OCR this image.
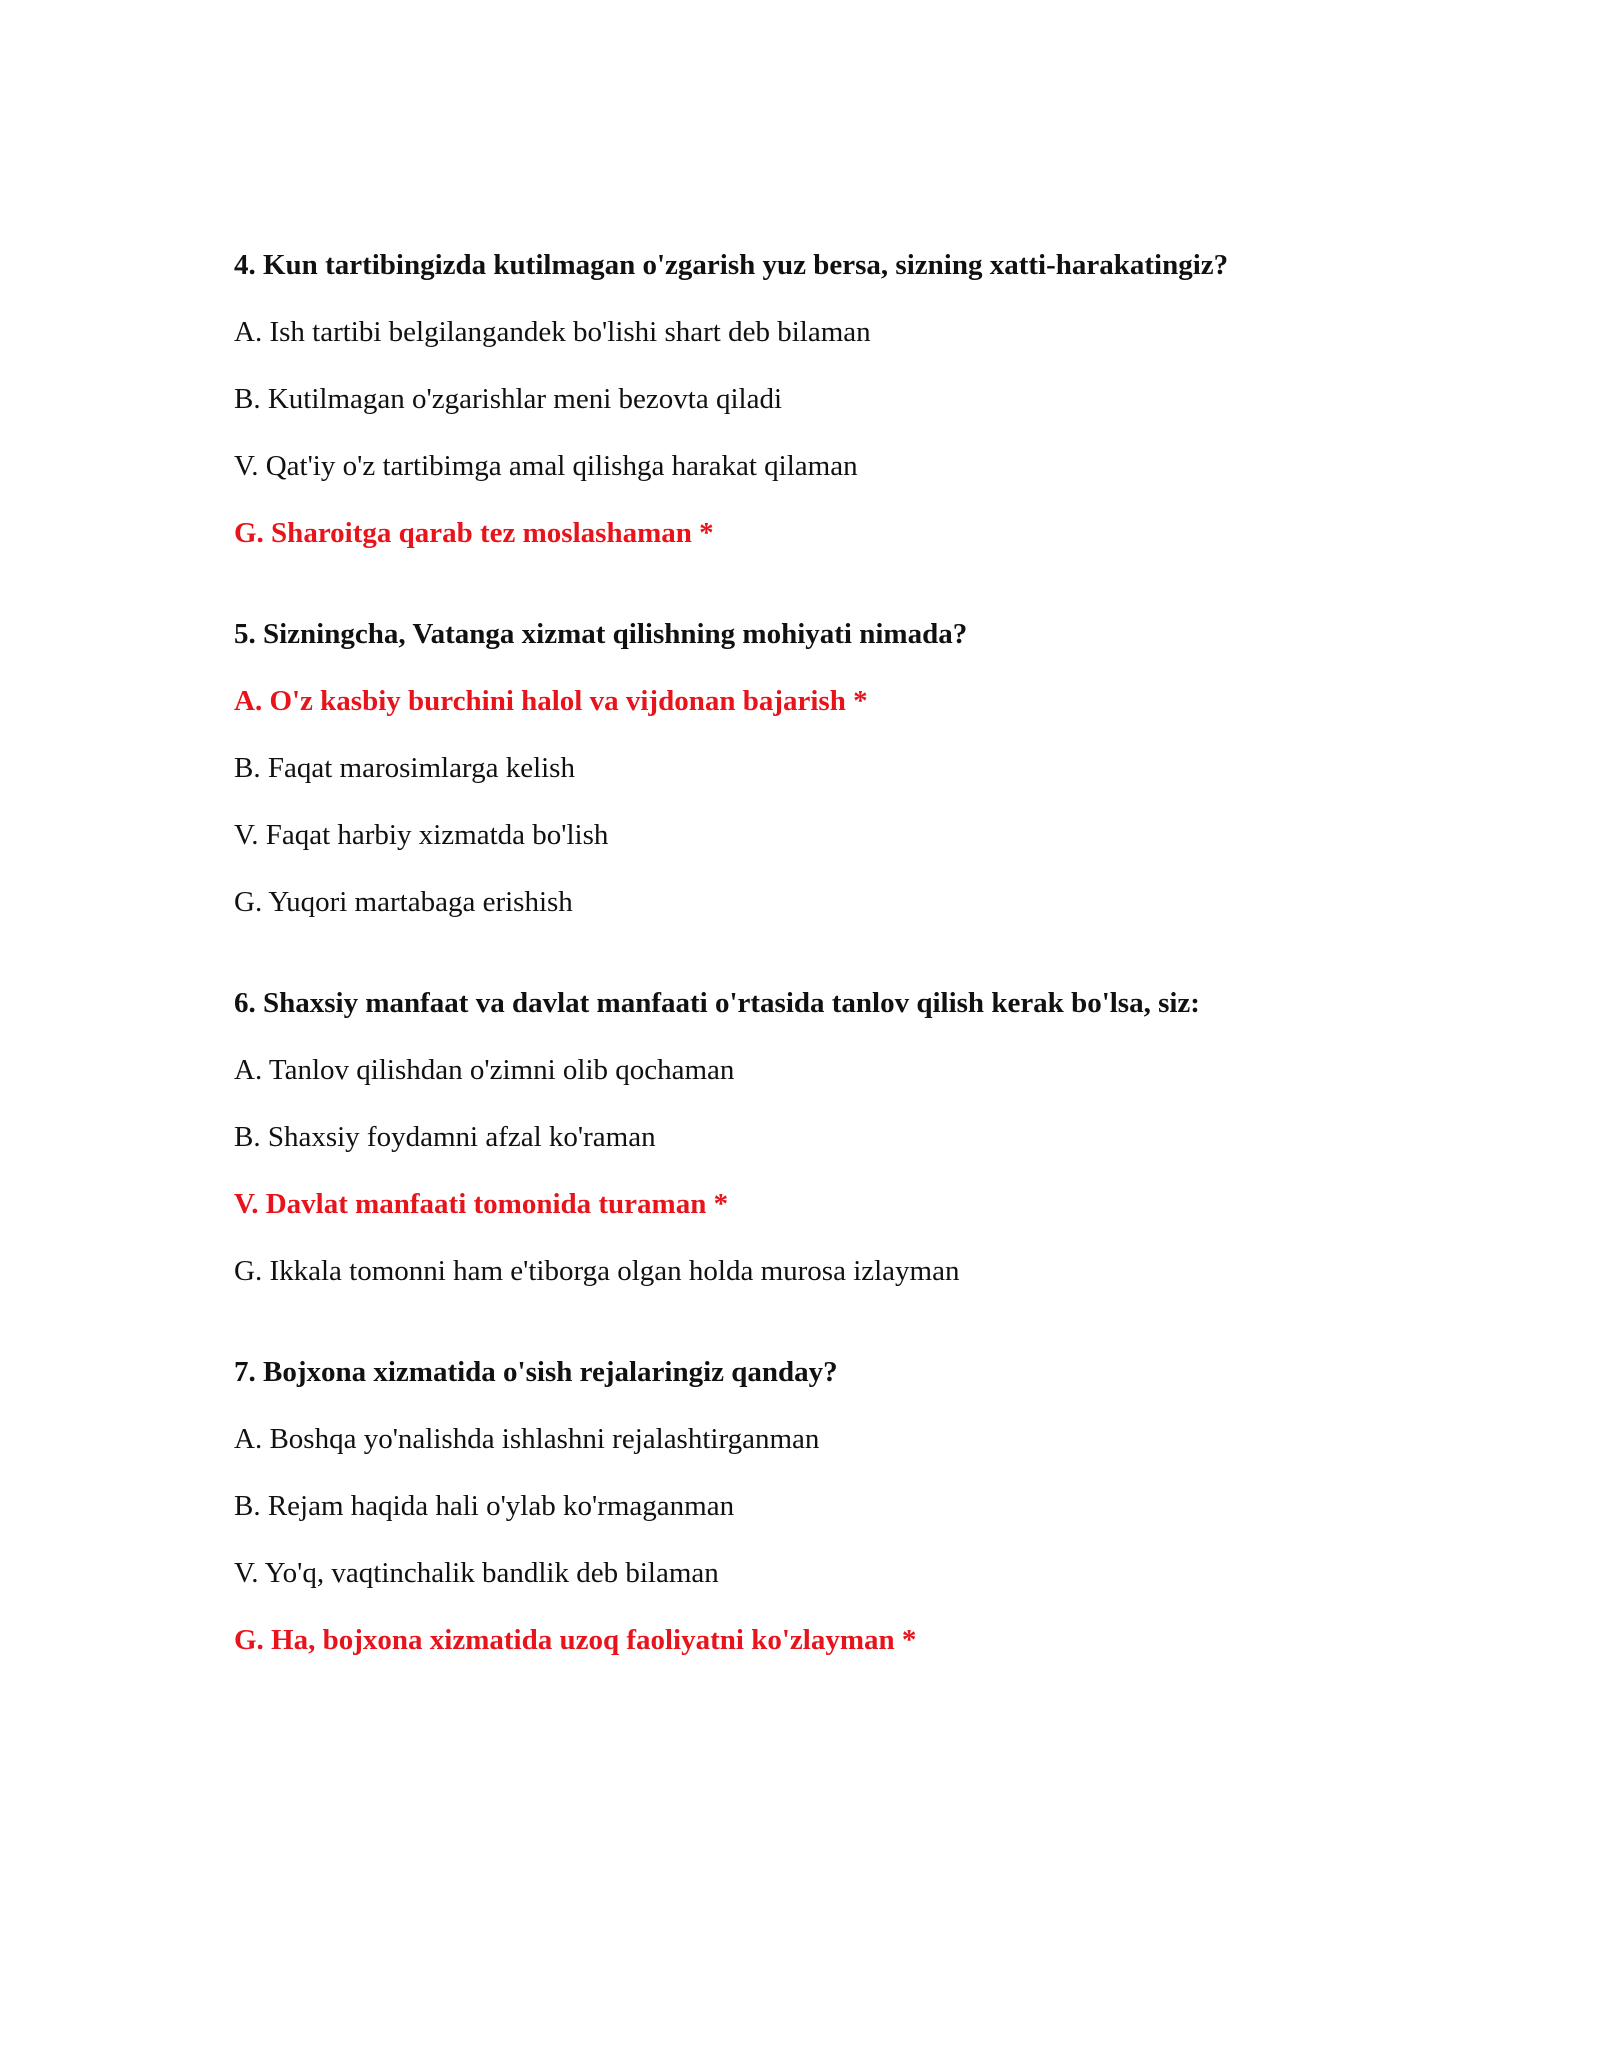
4. Kun tartibingizda kutilmagan o'zgarish yuz bersa, sizning xatti-harakatingiz?

A. Ish tartibi belgilangandek bo'lishi shart deb bilaman

B. Kutilmagan o'zgarishlar meni bezovta qiladi

V. Qat'iy o'z tartibimga amal qilishga harakat qilaman

G. Sharoitga qarab tez moslashaman *

5. Sizningcha, Vatanga xizmat qilishning mohiyati nimada?

A. O'z kasbiy burchini halol va vijdonan bajarish *

B. Faqat marosimlarga kelish

V. Faqat harbiy xizmatda bo'lish

G. Yuqori martabaga erishish

6. Shaxsiy manfaat va davlat manfaati o'rtasida tanlov qilish kerak bo'lsa, siz:

A. Tanlov qilishdan o'zimni olib qochaman

B. Shaxsiy foydamni afzal ko'raman

V. Davlat manfaati tomonida turaman *

G. Ikkala tomonni ham e'tiborga olgan holda murosa izlayman

7. Bojxona xizmatida o'sish rejalaringiz qanday?

A. Boshqa yo'nalishda ishlashni rejalashtirganman

B. Rejam haqida hali o'ylab ko'rmaganman

V. Yo'q, vaqtinchalik bandlik deb bilaman

G. Ha, bojxona xizmatida uzoq faoliyatni ko'zlayman *
